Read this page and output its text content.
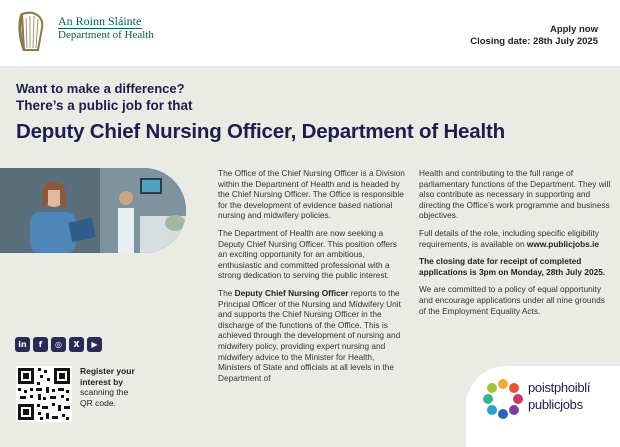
An Roinn Sláinte
Department of Health	Apply now
Closing date: 28th July 2025
Want to make a difference?
There’s a public job for that
Deputy Chief Nursing Officer, Department of Health

The Office of the Chief Nursing Officer is a Division within the Department of Health and is headed by the Chief Nursing Officer. The Office is responsible for the development of evidence based national nursing and midwifery policies.

The Department of Health are now seeking a Deputy Chief Nursing Officer. This position offers an exciting opportunity for an ambitious, enthusiastic and committed professional with a strong dedication to serving the public interest.

The Deputy Chief Nursing Officer reports to the Principal Officer of the Nursing and Midwifery Unit and supports the Chief Nursing Officer in the discharge of the functions of the Office. This is achieved through the development of nursing and midwifery policy, providing expert nursing and midwifery advice to the Minister for Health, Ministers of State and officials at all levels in the Department of

Health and contributing to the full range of parliamentary functions of the Department. They will also contribute as necessary in supporting and directing the Office’s work programme and business objectives.

Full details of the role, including specific eligibility requirements, is available on www.publicjobs.ie

The closing date for receipt of completed applications is 3pm on Monday, 28th July 2025.

We are committed to a policy of equal opportunity and encourage applications under all nine grounds of the Employment Equality Acts.

in	f	◎	X	▶
Register your interest by scanning the QR code.
poistphoiblí
publicjobs
